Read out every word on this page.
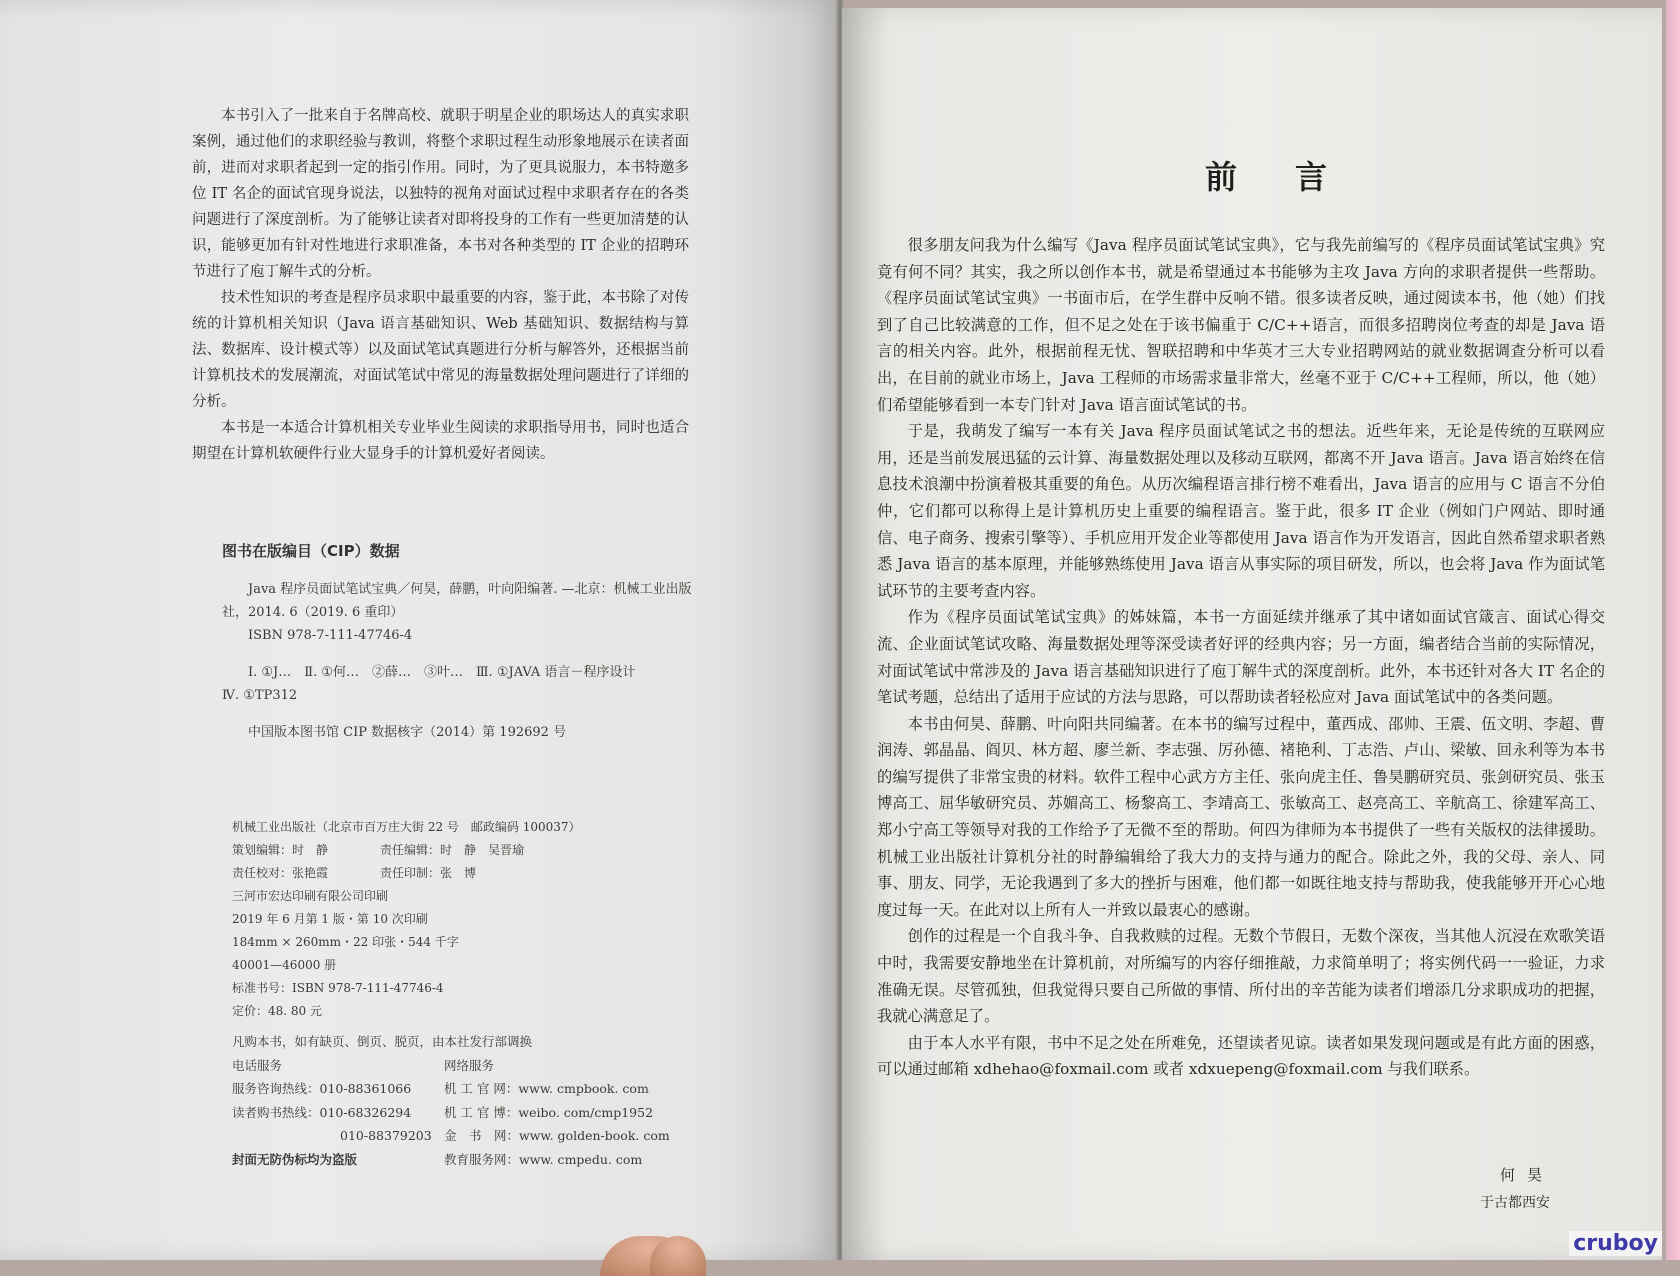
本书引入了一批来自于名牌高校、就职于明星企业的职场达人的真实求职案例，通过他们的求职经验与教训，将整个求职过程生动形象地展示在读者面前，进而对求职者起到一定的指引作用。同时，为了更具说服力，本书特邀多位 IT 名企的面试官现身说法，以独特的视角对面试过程中求职者存在的各类问题进行了深度剖析。为了能够让读者对即将投身的工作有一些更加清楚的认识，能够更加有针对性地进行求职准备，本书对各种类型的 IT 企业的招聘环节进行了庖丁解牛式的分析。

技术性知识的考查是程序员求职中最重要的内容，鉴于此，本书除了对传统的计算机相关知识（Java 语言基础知识、Web 基础知识、数据结构与算法、数据库、设计模式等）以及面试笔试真题进行分析与解答外，还根据当前计算机技术的发展潮流，对面试笔试中常见的海量数据处理问题进行了详细的分析。

本书是一本适合计算机相关专业毕业生阅读的求职指导用书，同时也适合期望在计算机软硬件行业大显身手的计算机爱好者阅读。

图书在版编目（CIP）数据

Java 程序员面试笔试宝典／何昊，薛鹏，叶向阳编著. —北京：机械工业出版社，2014. 6（2019. 6 重印）

ISBN 978-7-111-47746-4

Ⅰ. ①J…　Ⅱ. ①何…　②薛…　③叶…　Ⅲ. ①JAVA 语言－程序设计

Ⅳ. ①TP312

中国版本图书馆 CIP 数据核字（2014）第 192692 号

机械工业出版社（北京市百万庄大街 22 号　邮政编码 100037）
策划编辑：时　静	责任编辑：时　静　吴晋瑜
责任校对：张艳霞	责任印制：张　博
三河市宏达印刷有限公司印刷
2019 年 6 月第 1 版・第 10 次印刷
184mm × 260mm・22 印张・544 千字
40001—46000 册
标准书号：ISBN 978-7-111-47746-4
定价：48. 80 元
凡购本书，如有缺页、倒页、脱页，由本社发行部调换
电话服务
服务咨询热线：010-88361066
读者购书热线：010-68326294
010-88379203
封面无防伪标均为盗版
网络服务
机 工 官 网：www. cmpbook. com
机 工 官 博：weibo. com/cmp1952
金　书　网：www. golden-book. com
教育服务网：www. cmpedu. com
前言

很多朋友问我为什么编写《Java 程序员面试笔试宝典》，它与我先前编写的《程序员面试笔试宝典》究竟有何不同？其实，我之所以创作本书，就是希望通过本书能够为主攻 Java 方向的求职者提供一些帮助。《程序员面试笔试宝典》一书面市后，在学生群中反响不错。很多读者反映，通过阅读本书，他（她）们找到了自己比较满意的工作，但不足之处在于该书偏重于 C/C++语言，而很多招聘岗位考查的却是 Java 语言的相关内容。此外，根据前程无忧、智联招聘和中华英才三大专业招聘网站的就业数据调查分析可以看出，在目前的就业市场上，Java 工程师的市场需求量非常大，丝毫不亚于 C/C++工程师，所以，他（她）们希望能够看到一本专门针对 Java 语言面试笔试的书。

于是，我萌发了编写一本有关 Java 程序员面试笔试之书的想法。近些年来，无论是传统的互联网应用，还是当前发展迅猛的云计算、海量数据处理以及移动互联网，都离不开 Java 语言。Java 语言始终在信息技术浪潮中扮演着极其重要的角色。从历次编程语言排行榜不难看出，Java 语言的应用与 C 语言不分伯仲，它们都可以称得上是计算机历史上重要的编程语言。鉴于此，很多 IT 企业（例如门户网站、即时通信、电子商务、搜索引擎等）、手机应用开发企业等都使用 Java 语言作为开发语言，因此自然希望求职者熟悉 Java 语言的基本原理，并能够熟练使用 Java 语言从事实际的项目研发，所以，也会将 Java 作为面试笔试环节的主要考查内容。

作为《程序员面试笔试宝典》的姊妹篇，本书一方面延续并继承了其中诸如面试官箴言、面试心得交流、企业面试笔试攻略、海量数据处理等深受读者好评的经典内容；另一方面，编者结合当前的实际情况，对面试笔试中常涉及的 Java 语言基础知识进行了庖丁解牛式的深度剖析。此外，本书还针对各大 IT 名企的笔试考题，总结出了适用于应试的方法与思路，可以帮助读者轻松应对 Java 面试笔试中的各类问题。

本书由何昊、薛鹏、叶向阳共同编著。在本书的编写过程中，董西成、邵帅、王震、伍文明、李超、曹润涛、郭晶晶、阎贝、林方超、廖兰新、李志强、厉孙德、褚艳利、丁志浩、卢山、梁敏、回永利等为本书的编写提供了非常宝贵的材料。软件工程中心武方方主任、张向虎主任、鲁昊鹏研究员、张剑研究员、张玉博高工、屈华敏研究员、苏媚高工、杨黎高工、李靖高工、张敏高工、赵亮高工、辛航高工、徐建军高工、郑小宁高工等领导对我的工作给予了无微不至的帮助。何四为律师为本书提供了一些有关版权的法律援助。机械工业出版社计算机分社的时静编辑给了我大力的支持与通力的配合。除此之外，我的父母、亲人、同事、朋友、同学，无论我遇到了多大的挫折与困难，他们都一如既往地支持与帮助我，使我能够开开心心地度过每一天。在此对以上所有人一并致以最衷心的感谢。

创作的过程是一个自我斗争、自我救赎的过程。无数个节假日，无数个深夜，当其他人沉浸在欢歌笑语中时，我需要安静地坐在计算机前，对所编写的内容仔细推敲，力求简单明了；将实例代码一一验证，力求准确无误。尽管孤独，但我觉得只要自己所做的事情、所付出的辛苦能为读者们增添几分求职成功的把握，我就心满意足了。

由于本人水平有限，书中不足之处在所难免，还望读者见谅。读者如果发现问题或是有此方面的困惑，可以通过邮箱 xdhehao@foxmail.com 或者 xdxuepeng@foxmail.com 与我们联系。

何昊
于古都西安
cruboy
